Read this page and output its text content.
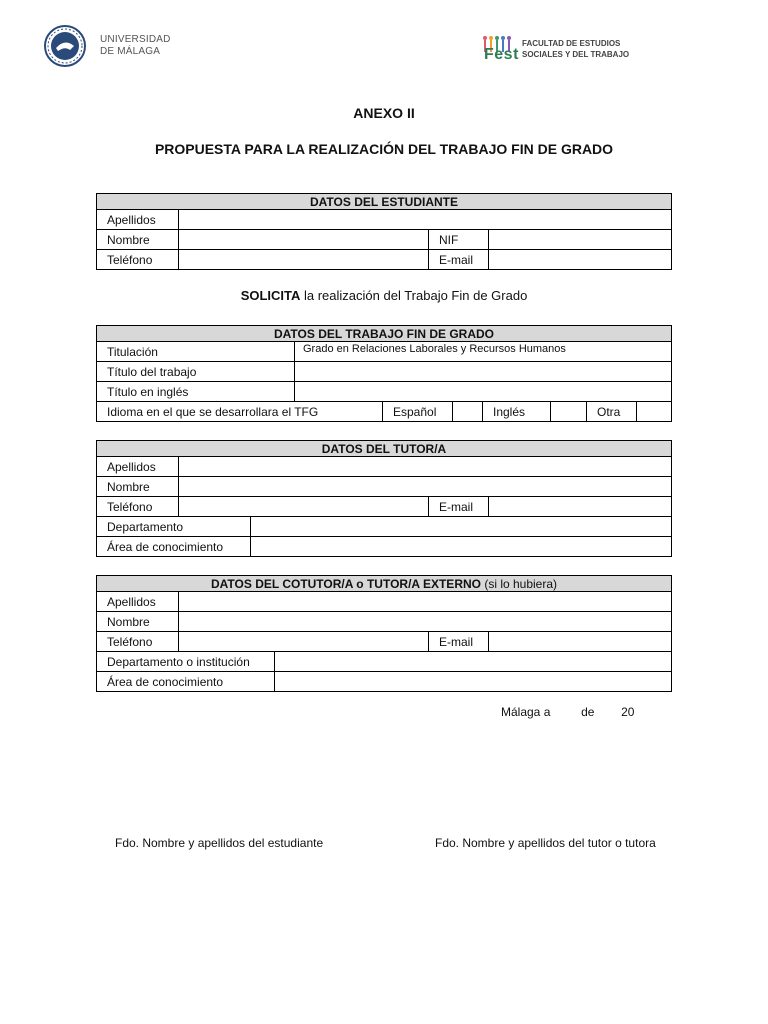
UNIVERSIDAD
DE MÁLAGA	Fest
FACULTAD DE ESTUDIOS
SOCIALES Y DEL TRABAJO
ANEXO II
PROPUESTA PARA LA REALIZACIÓN DEL TRABAJO FIN DE GRADO
DATOS DEL ESTUDIANTE			
Apellidos			
Nombre		NIF	
Teléfono		E-mail	
SOLICITA la realización del Trabajo Fin de Grado
DATOS DEL TRABAJO FIN DE GRADO							
Titulación	Grado en Relaciones Laborales y Recursos Humanos						
Título del trabajo							
Título en inglés							
Idioma en el que se desarrollara el TFG		Español		Inglés		Otra	
DATOS DEL TUTOR/A				
Apellidos				
Nombre				
Teléfono			E-mail	
Departamento				
Área de conocimiento				
DATOS DEL COTUTOR/A o TUTOR/A EXTERNO (si lo hubiera)				
Apellidos				
Nombre				
Teléfono			E-mail	
Departamento o institución				
Área de conocimiento				
Málaga a	de 20
Fdo. Nombre y apellidos del estudiante	Fdo. Nombre y apellidos del tutor o tutora
